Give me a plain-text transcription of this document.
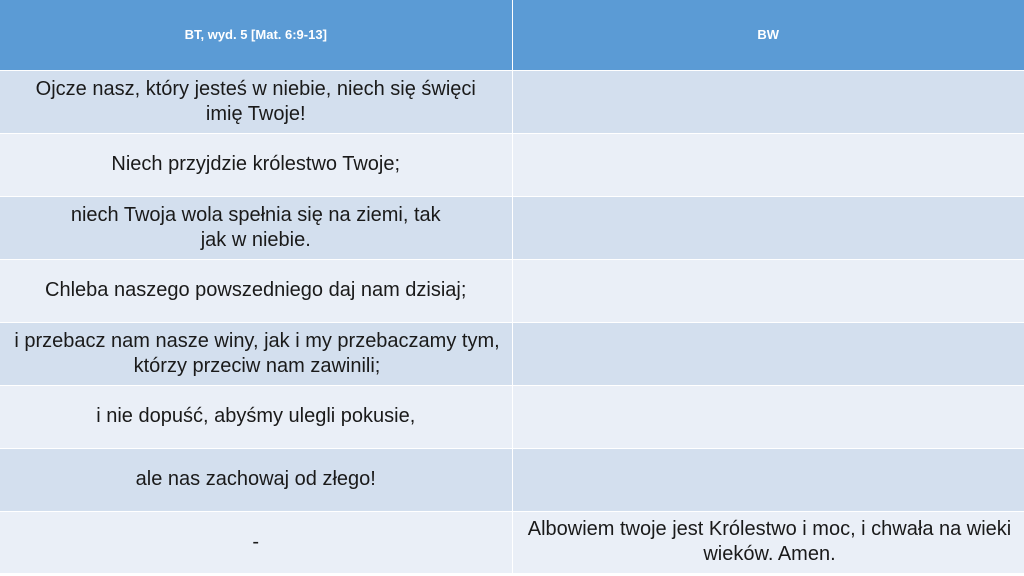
BT, wyd. 5 [Mat. 6:9-13]	BW
Ojcze nasz, który jesteś w niebie, niech się święci imię Twoje!	
Niech przyjdzie królestwo Twoje;	
niech Twoja wola spełnia się na ziemi, tak jak w niebie.	
Chleba naszego powszedniego daj nam dzisiaj;	
i przebacz nam nasze winy, jak i my przebaczamy tym, którzy przeciw nam zawinili;	
i nie dopuść, abyśmy ulegli pokusie,	
ale nas zachowaj od złego!	
-	Albowiem twoje jest Królestwo i moc, i chwała na wieki wieków. Amen.
